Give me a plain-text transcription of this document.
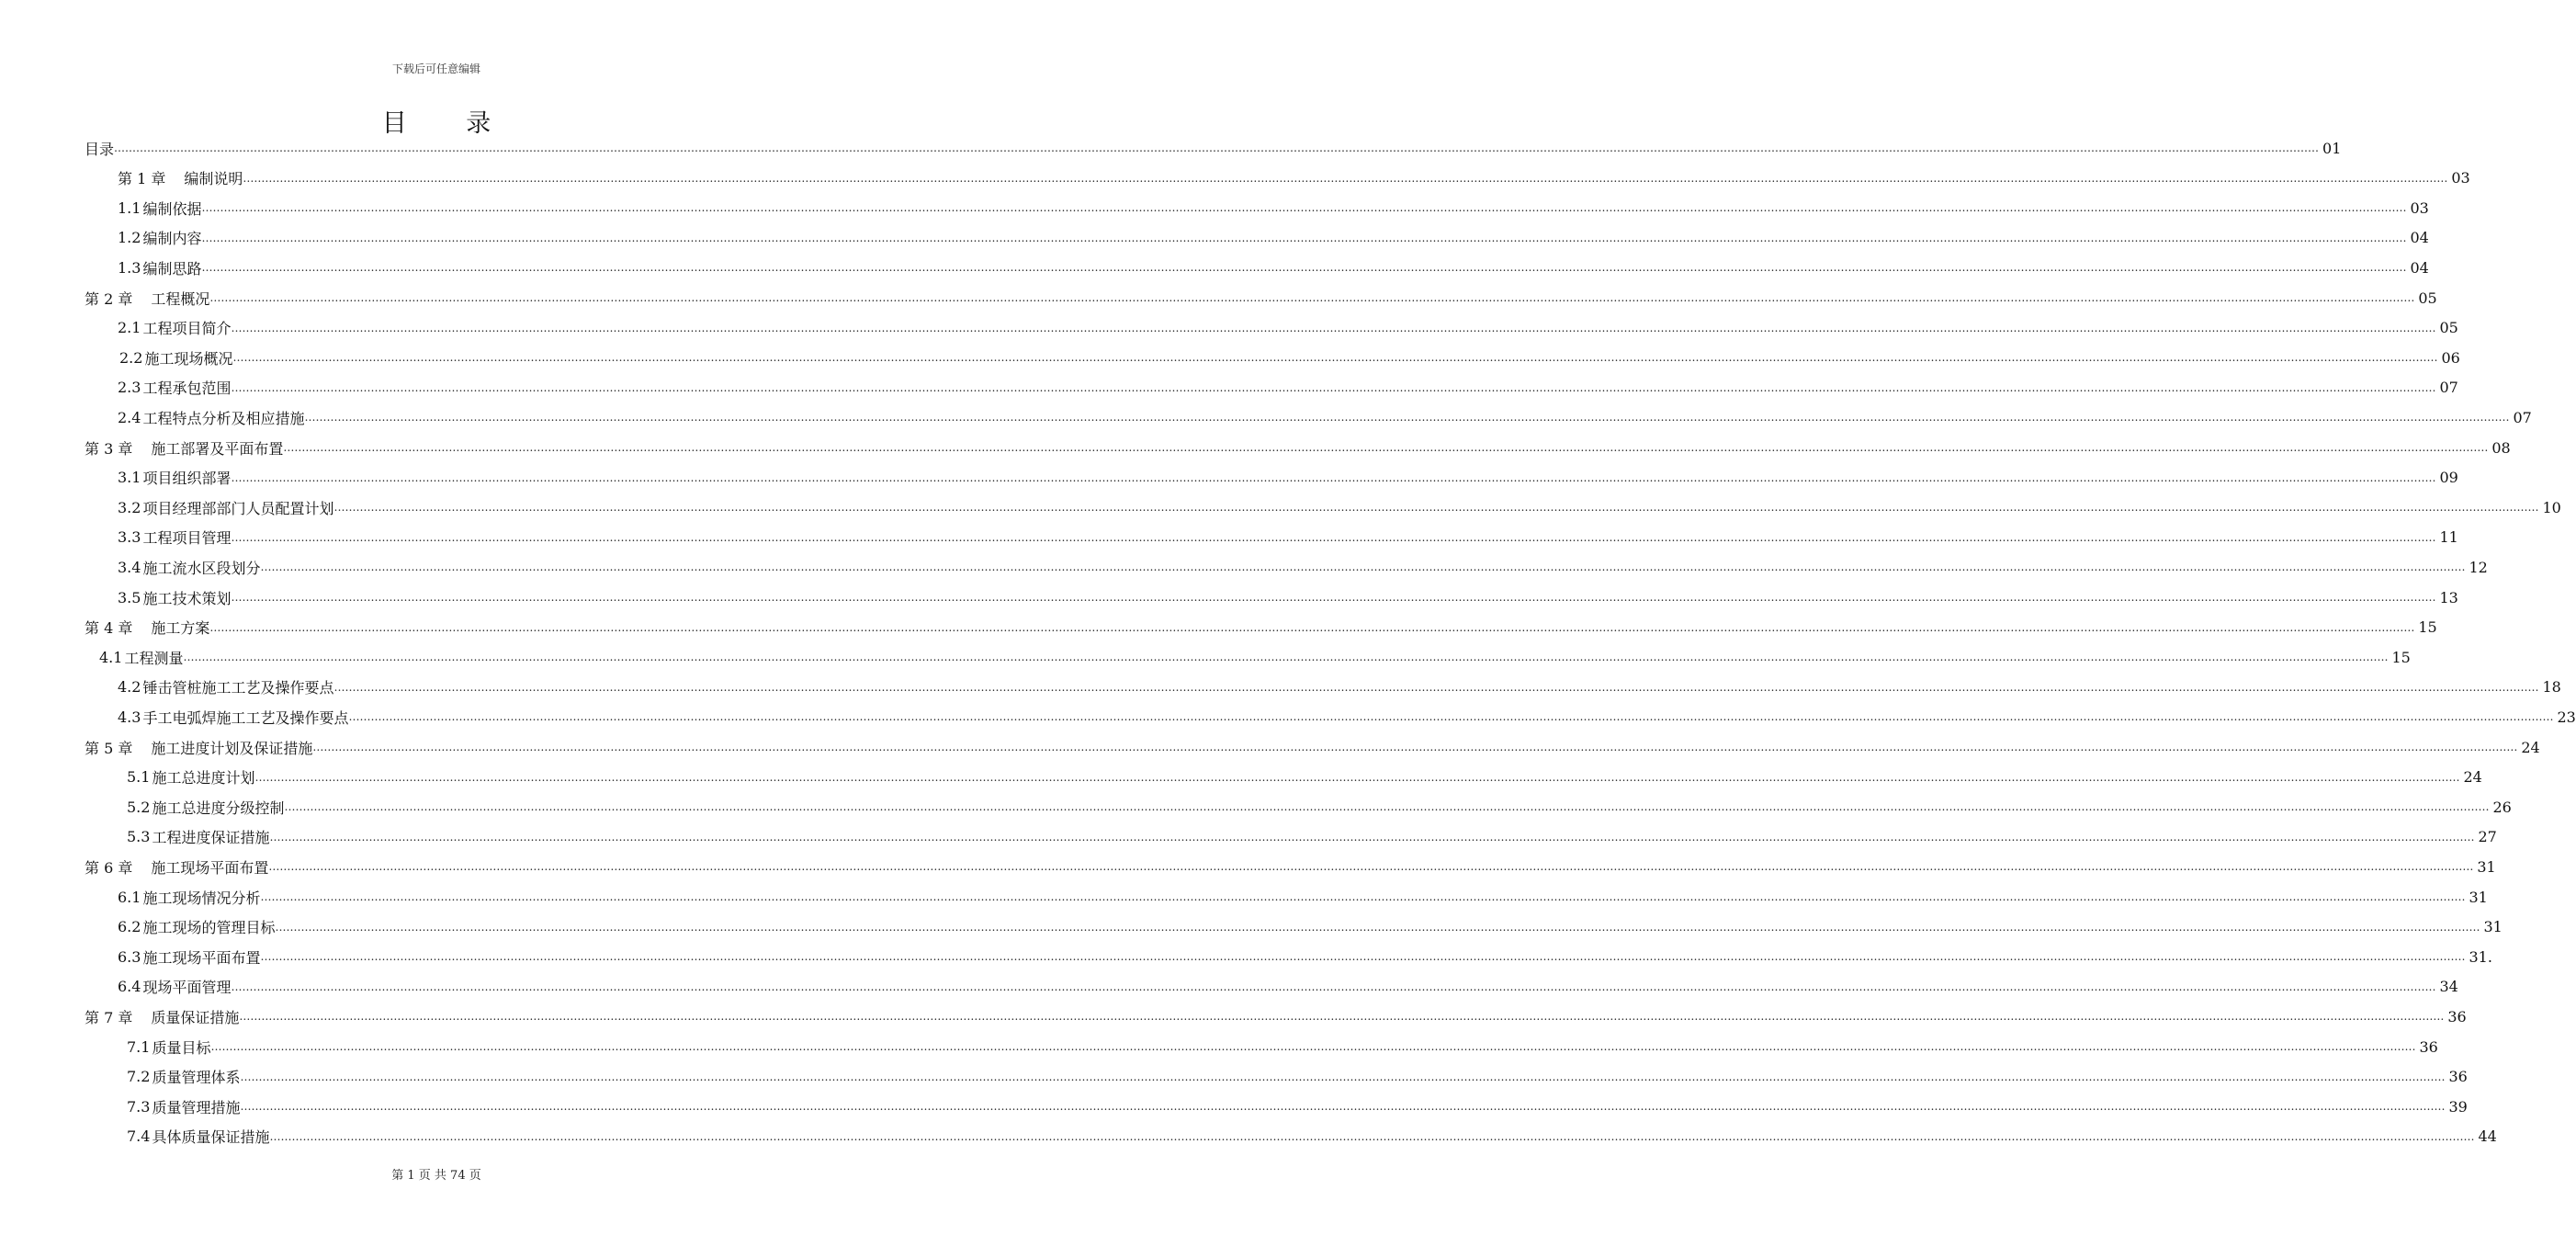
下载后可任意编辑
目 录
目录 …………………………………………………………………………………………………………………………………………………………………………………………………………………………………………………………………………………………………………………………………………………………………………………………………………………………………………………………………………………………………………………………………………………… 01
第 1 章 编制说明 …………………………………………………………………………………………………………………………………………………………………………………………………………………………………………………………………………………………………………………………………………………………………………………………………………………………………………………………………………………………………………………………………………………… 03
1.1 编制依据 …………………………………………………………………………………………………………………………………………………………………………………………………………………………………………………………………………………………………………………………………………………………………………………………………………………………………………………………………………………………………………………………………………………… 03
1.2 编制内容 …………………………………………………………………………………………………………………………………………………………………………………………………………………………………………………………………………………………………………………………………………………………………………………………………………………………………………………………………………………………………………………………………………………… 04
1.3 编制思路 …………………………………………………………………………………………………………………………………………………………………………………………………………………………………………………………………………………………………………………………………………………………………………………………………………………………………………………………………………………………………………………………………………………… 04
第 2 章 工程概况 …………………………………………………………………………………………………………………………………………………………………………………………………………………………………………………………………………………………………………………………………………………………………………………………………………………………………………………………………………………………………………………………………………………… 05
2.1 工程项目简介 …………………………………………………………………………………………………………………………………………………………………………………………………………………………………………………………………………………………………………………………………………………………………………………………………………………………………………………………………………………………………………………………………………………… 05
2.2 施工现场概况 …………………………………………………………………………………………………………………………………………………………………………………………………………………………………………………………………………………………………………………………………………………………………………………………………………………………………………………………………………………………………………………………………………………… 06
2.3 工程承包范围 …………………………………………………………………………………………………………………………………………………………………………………………………………………………………………………………………………………………………………………………………………………………………………………………………………………………………………………………………………………………………………………………………………………… 07
2.4 工程特点分析及相应措施 …………………………………………………………………………………………………………………………………………………………………………………………………………………………………………………………………………………………………………………………………………………………………………………………………………………………………………………………………………………………………………………………………………………… 07
第 3 章 施工部署及平面布置 …………………………………………………………………………………………………………………………………………………………………………………………………………………………………………………………………………………………………………………………………………………………………………………………………………………………………………………………………………………………………………………………………………………… 08
3.1 项目组织部署 …………………………………………………………………………………………………………………………………………………………………………………………………………………………………………………………………………………………………………………………………………………………………………………………………………………………………………………………………………………………………………………………………………………… 09
3.2 项目经理部部门人员配置计划 …………………………………………………………………………………………………………………………………………………………………………………………………………………………………………………………………………………………………………………………………………………………………………………………………………………………………………………………………………………………………………………………………………………… 10
3.3 工程项目管理 …………………………………………………………………………………………………………………………………………………………………………………………………………………………………………………………………………………………………………………………………………………………………………………………………………………………………………………………………………………………………………………………………………………… 11
3.4 施工流水区段划分 …………………………………………………………………………………………………………………………………………………………………………………………………………………………………………………………………………………………………………………………………………………………………………………………………………………………………………………………………………………………………………………………………………………… 12
3.5 施工技术策划 …………………………………………………………………………………………………………………………………………………………………………………………………………………………………………………………………………………………………………………………………………………………………………………………………………………………………………………………………………………………………………………………………………………… 13
第 4 章 施工方案 …………………………………………………………………………………………………………………………………………………………………………………………………………………………………………………………………………………………………………………………………………………………………………………………………………………………………………………………………………………………………………………………………………………… 15
4.1 工程测量 …………………………………………………………………………………………………………………………………………………………………………………………………………………………………………………………………………………………………………………………………………………………………………………………………………………………………………………………………………………………………………………………………………………… 15
4.2 锤击管桩施工工艺及操作要点 …………………………………………………………………………………………………………………………………………………………………………………………………………………………………………………………………………………………………………………………………………………………………………………………………………………………………………………………………………………………………………………………………………………… 18
4.3 手工电弧焊施工工艺及操作要点 …………………………………………………………………………………………………………………………………………………………………………………………………………………………………………………………………………………………………………………………………………………………………………………………………………………………………………………………………………………………………………………………………………………… 23
第 5 章 施工进度计划及保证措施 …………………………………………………………………………………………………………………………………………………………………………………………………………………………………………………………………………………………………………………………………………………………………………………………………………………………………………………………………………………………………………………………………………………… 24
5.1 施工总进度计划 …………………………………………………………………………………………………………………………………………………………………………………………………………………………………………………………………………………………………………………………………………………………………………………………………………………………………………………………………………………………………………………………………………………… 24
5.2 施工总进度分级控制 …………………………………………………………………………………………………………………………………………………………………………………………………………………………………………………………………………………………………………………………………………………………………………………………………………………………………………………………………………………………………………………………………………………… 26
5.3 工程进度保证措施 …………………………………………………………………………………………………………………………………………………………………………………………………………………………………………………………………………………………………………………………………………………………………………………………………………………………………………………………………………………………………………………………………………………… 27
第 6 章 施工现场平面布置 …………………………………………………………………………………………………………………………………………………………………………………………………………………………………………………………………………………………………………………………………………………………………………………………………………………………………………………………………………………………………………………………………………………… 31
6.1 施工现场情况分析 …………………………………………………………………………………………………………………………………………………………………………………………………………………………………………………………………………………………………………………………………………………………………………………………………………………………………………………………………………………………………………………………………………………… 31
6.2 施工现场的管理目标 …………………………………………………………………………………………………………………………………………………………………………………………………………………………………………………………………………………………………………………………………………………………………………………………………………………………………………………………………………………………………………………………………………………… 31
6.3 施工现场平面布置 …………………………………………………………………………………………………………………………………………………………………………………………………………………………………………………………………………………………………………………………………………………………………………………………………………………………………………………………………………………………………………………………………………………… 31.
6.4 现场平面管理 …………………………………………………………………………………………………………………………………………………………………………………………………………………………………………………………………………………………………………………………………………………………………………………………………………………………………………………………………………………………………………………………………………………… 34
第 7 章 质量保证措施 …………………………………………………………………………………………………………………………………………………………………………………………………………………………………………………………………………………………………………………………………………………………………………………………………………………………………………………………………………………………………………………………………………………… 36
7.1 质量目标 …………………………………………………………………………………………………………………………………………………………………………………………………………………………………………………………………………………………………………………………………………………………………………………………………………………………………………………………………………………………………………………………………………………… 36
7.2 质量管理体系 …………………………………………………………………………………………………………………………………………………………………………………………………………………………………………………………………………………………………………………………………………………………………………………………………………………………………………………………………………………………………………………………………………………… 36
7.3 质量管理措施 …………………………………………………………………………………………………………………………………………………………………………………………………………………………………………………………………………………………………………………………………………………………………………………………………………………………………………………………………………………………………………………………………………………… 39
7.4 具体质量保证措施 …………………………………………………………………………………………………………………………………………………………………………………………………………………………………………………………………………………………………………………………………………………………………………………………………………………………………………………………………………………………………………………………………………………… 44
第 1 页 共 74 页
